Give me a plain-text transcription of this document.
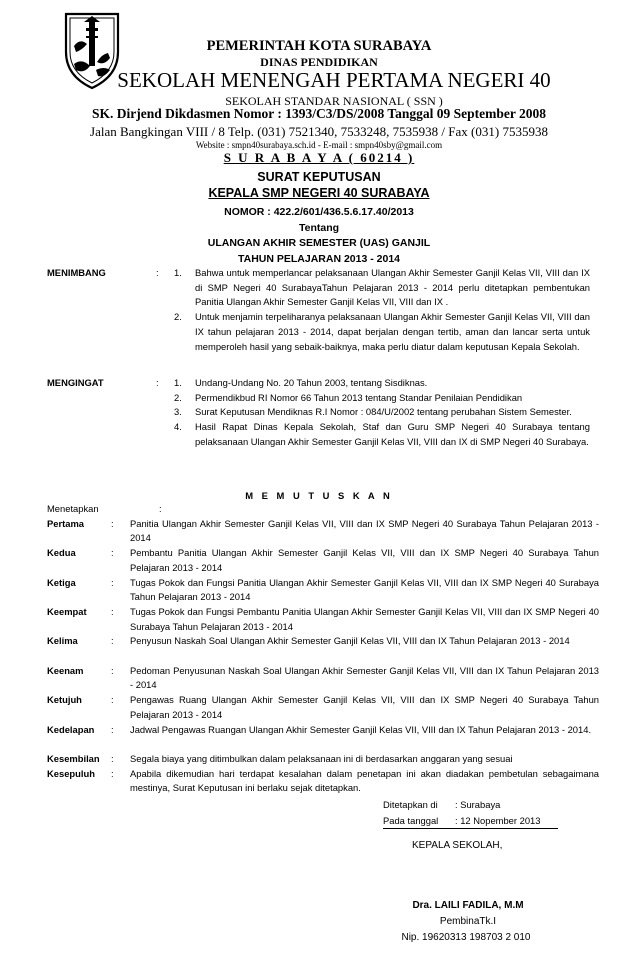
PEMERINTAH KOTA SURABAYA
DINAS PENDIDIKAN
SEKOLAH MENENGAH PERTAMA NEGERI 40
SEKOLAH STANDAR NASIONAL ( SSN )
SK. Dirjend Dikdasmen Nomor : 1393/C3/DS/2008 Tanggal 09 September 2008
Jalan Bangkingan VIII / 8 Telp. (031) 7521340, 7533248, 7535938 / Fax (031) 7535938
Website : smpn40surabaya.sch.id - E-mail : smpn40sby@gmail.com
S U R A B A Y A ( 60214 )
SURAT KEPUTUSAN
KEPALA SMP NEGERI 40 SURABAYA
NOMOR : 422.2/601/436.5.6.17.40/2013
Tentang
ULANGAN AKHIR SEMESTER (UAS) GANJIL
TAHUN PELAJARAN 2013 - 2014
MENIMBANG	: 1. Bahwa untuk memperlancar pelaksanaan Ulangan Akhir Semester Ganjil Kelas VII, VIII dan IX di SMP Negeri 40 SurabayaTahun Pelajaran 2013 - 2014 perlu ditetapkan pembentukan Panitia Ulangan Akhir Semester Ganjil Kelas VII, VIII dan IX .
2. Untuk menjamin terpeliharanya pelaksanaan Ulangan Akhir Semester Ganjil Kelas VII, VIII dan IX tahun pelajaran 2013 - 2014, dapat berjalan dengan tertib, aman dan lancar serta untuk memperoleh hasil yang sebaik-baiknya, maka perlu diatur dalam keputusan Kepala Sekolah.
MENGINGAT	: 1. Undang-Undang No. 20 Tahun 2003, tentang Sisdiknas.
2. Permendikbud RI Nomor 66 Tahun 2013 tentang Standar Penilaian Pendidikan
3. Surat Keputusan Mendiknas R.I Nomor : 084/U/2002 tentang perubahan Sistem Semester.
4. Hasil Rapat Dinas Kepala Sekolah, Staf dan Guru SMP Negeri 40 Surabaya tentang pelaksanaan Ulangan Akhir Semester Ganjil Kelas VII, VIII dan IX di SMP Negeri 40 Surabaya.
M E M U T U S K A N
Menetapkan	:
Pertama	: Panitia Ulangan Akhir Semester Ganjil Kelas VII, VIII dan IX SMP Negeri 40 Surabaya Tahun Pelajaran 2013 - 2014
Kedua	: Pembantu Panitia Ulangan Akhir Semester Ganjil Kelas VII, VIII dan IX SMP Negeri 40 Surabaya Tahun Pelajaran 2013 - 2014
Ketiga	: Tugas Pokok dan Fungsi Panitia Ulangan Akhir Semester Ganjil Kelas VII, VIII dan IX SMP Negeri 40 Surabaya Tahun Pelajaran 2013 - 2014
Keempat	: Tugas Pokok dan Fungsi Pembantu Panitia Ulangan Akhir Semester Ganjil Kelas VII, VIII dan IX SMP Negeri 40 Surabaya Tahun Pelajaran 2013 - 2014
Kelima	: Penyusun Naskah Soal Ulangan Akhir Semester Ganjil Kelas VII, VIII dan IX Tahun Pelajaran 2013 - 2014
Keenam	: Pedoman Penyusunan Naskah Soal Ulangan Akhir Semester Ganjil Kelas VII, VIII dan IX Tahun Pelajaran 2013 - 2014
Ketujuh	: Pengawas Ruang Ulangan Akhir Semester Ganjil Kelas VII, VIII dan IX SMP Negeri 40 Surabaya Tahun Pelajaran 2013 - 2014
Kedelapan : Jadwal Pengawas Ruangan Ulangan Akhir Semester Ganjil Kelas VII, VIII dan IX Tahun Pelajaran 2013 - 2014.
Kesembilan : Segala biaya yang ditimbulkan dalam pelaksanaan ini di berdasarkan anggaran yang sesuai
Kesepuluh : Apabila dikemudian hari terdapat kesalahan dalam penetapan ini akan diadakan pembetulan sebagaimana mestinya, Surat Keputusan ini berlaku sejak ditetapkan.
Ditetapkan di : Surabaya
Pada tanggal : 12 Nopember 2013
KEPALA SEKOLAH,
Dra. LAILI FADILA, M.M
PembinaTk.I
Nip. 19620313 198703 2 010
